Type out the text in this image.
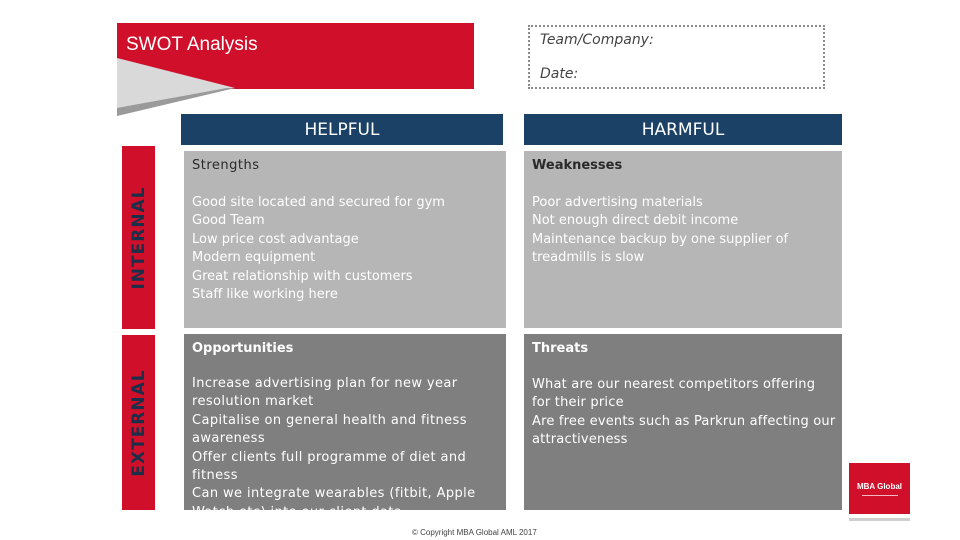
SWOT Analysis	Team/Company:
Date:
HELPFUL	HARMFUL
INTERNAL
EXTERNAL
Strengths
Good site located and secured for gym
Good Team
Low price cost advantage
Modern equipment
Great relationship with customers
Staff like working here
Weaknesses
Poor advertising materials
Not enough direct debit income
Maintenance backup by one supplier of treadmills is slow
Opportunities
Increase advertising plan for new year resolution market
Capitalise on general health and fitness awareness
Offer clients full programme of diet and fitness
Can we integrate wearables (fitbit, Apple Watch etc) into our client data
Threats
What are our nearest competitors offering for their price
Are free events such as Parkrun affecting our attractiveness
MBA Global
© Copyright MBA Global AML 2017
